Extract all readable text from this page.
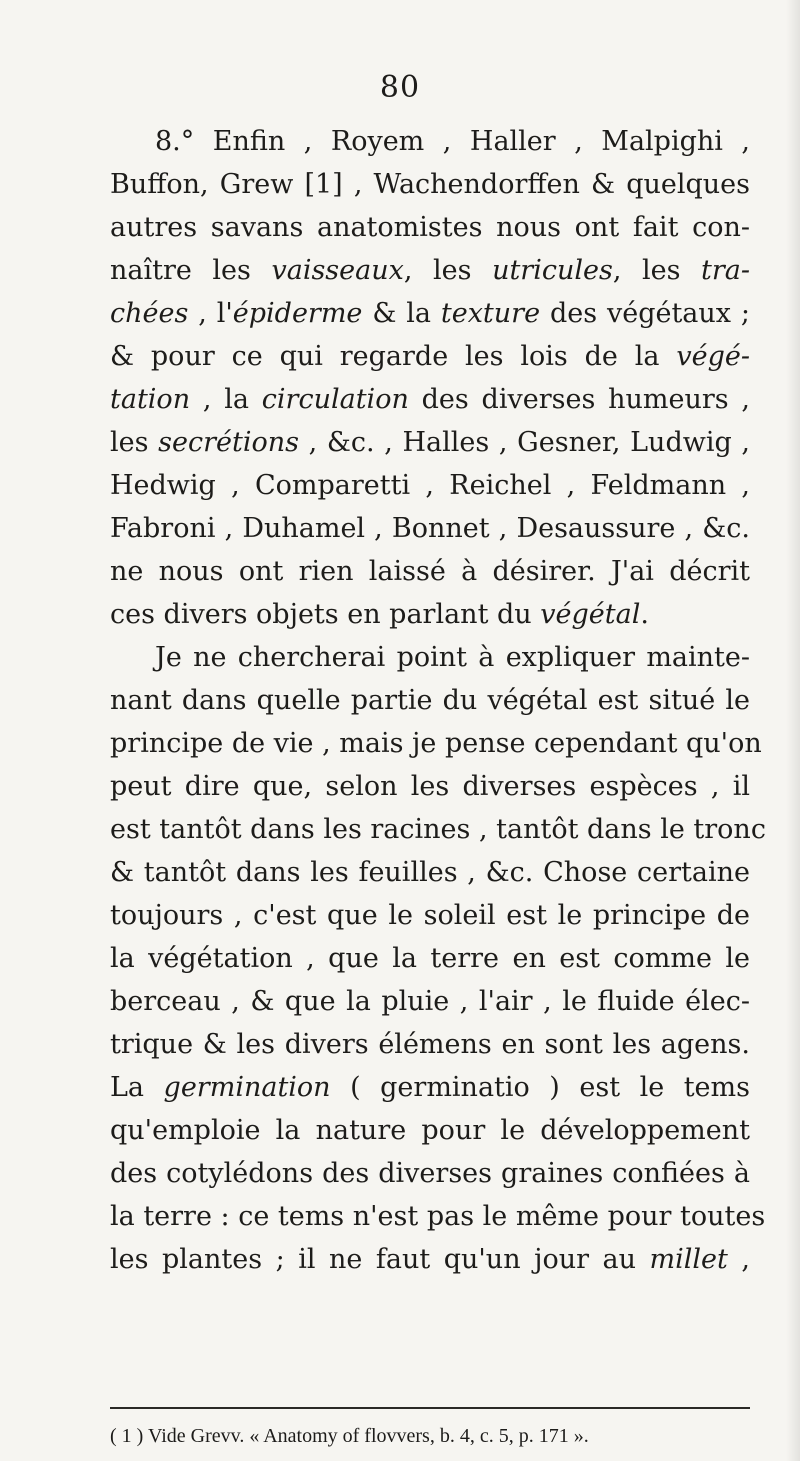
80
8.° Enfin , Royem , Haller , Malpighi ,
Buffon, Grew [1] , Wachendorffen & quelques
autres savans anatomistes nous ont fait con-
naître les vaisseaux, les utricules, les tra-
chées , l'épiderme & la texture des végétaux ;
& pour ce qui regarde les lois de la végé-
tation , la circulation des diverses humeurs ,
les secrétions , &c. , Halles , Gesner, Ludwig ,
Hedwig , Comparetti , Reichel , Feldmann ,
Fabroni , Duhamel , Bonnet , Desaussure , &c.
ne nous ont rien laissé à désirer. J'ai décrit
ces divers objets en parlant du végétal.
Je ne chercherai point à expliquer mainte-
nant dans quelle partie du végétal est situé le
principe de vie , mais je pense cependant qu'on
peut dire que, selon les diverses espèces , il
est tantôt dans les racines , tantôt dans le tronc
& tantôt dans les feuilles , &c. Chose certaine
toujours , c'est que le soleil est le principe de
la végétation , que la terre en est comme le
berceau , & que la pluie , l'air , le fluide élec-
trique & les divers élémens en sont les agens.
La germination ( germinatio ) est le tems
qu'emploie la nature pour le développement
des cotylédons des diverses graines confiées à
la terre : ce tems n'est pas le même pour toutes
les plantes ; il ne faut qu'un jour au millet ,
( 1 ) Vide Grevv. « Anatomy of flovvers, b. 4, c. 5, p. 171 ».
